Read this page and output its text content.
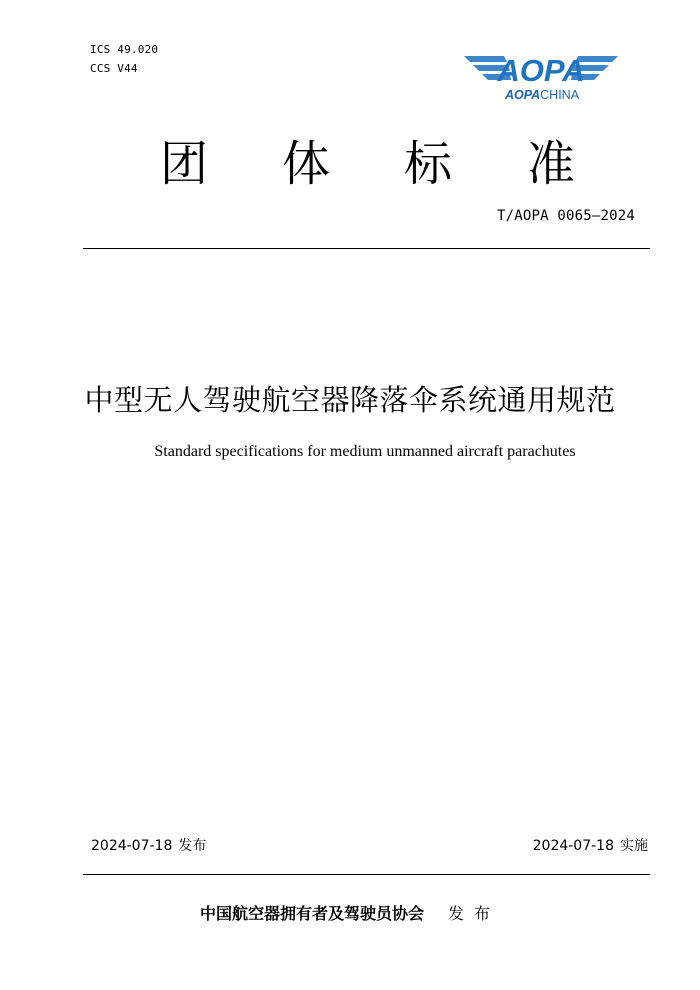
ICS 49.020
CCS V44	AOPA
AOPACHINA
团 体 标 准
T/AOPA 0065—2024
中型无人驾驶航空器降落伞系统通用规范
Standard specifications for medium unmanned aircraft parachutes
2024-07-18 发布	2024-07-18 实施
中国航空器拥有者及驾驶员协会 发布
